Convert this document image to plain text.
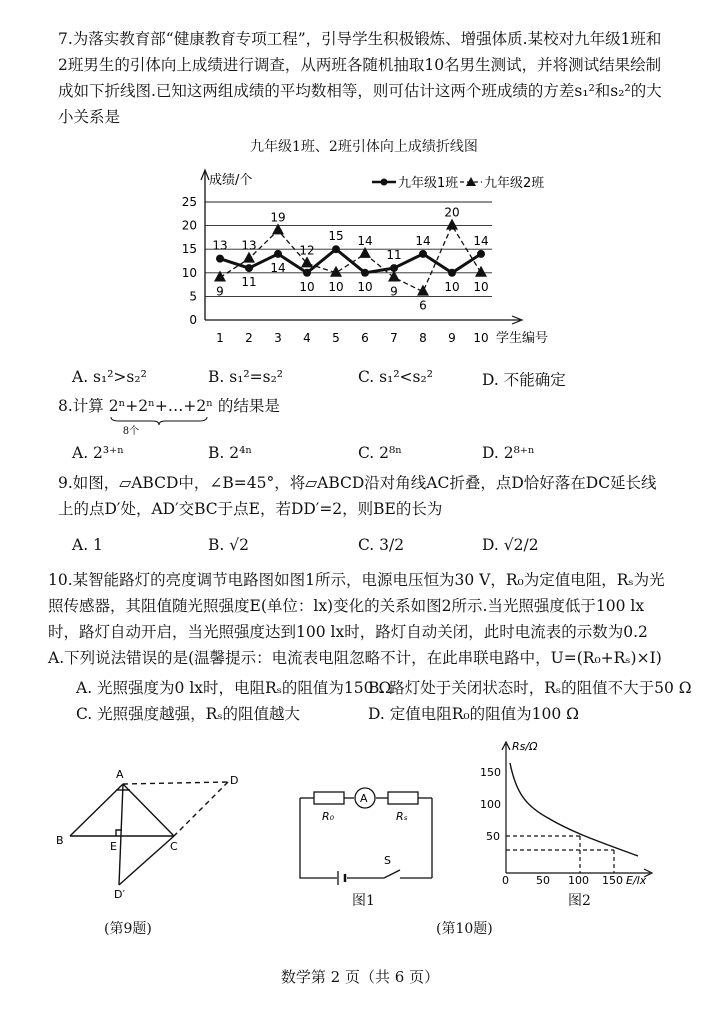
7.为落实教育部“健康教育专项工程”，引导学生积极锻炼、增强体质.某校对九年级1班和2班男生的引体向上成绩进行调查，从两班各随机抽取10名男生测试，并将测试结果绘制成如下折线图.已知这两组成绩的平均数相等，则可估计这两个班成绩的方差s₁²和s₂²的大小关系是

九年级1班、2班引体向上成绩折线图
0
5
10
15
20
25
1 2 3 4 5 6 7 8 9 10
成绩/个
学生编号
九年级1班 九年级2班
9
13
19
12
10
14
9
6
20
10
13
11
14
10
15
10
11
14
10
14
A. s₁²>s₂²	B. s₁²=s₂²	C. s₁²<s₂²	D. 不能确定
8.计算 2ⁿ+2ⁿ+…+2ⁿ
8个
的结果是
A. 2³⁺ⁿ	B. 2⁴ⁿ	C. 2⁸ⁿ	D. 2⁸⁺ⁿ

9.如图，▱ABCD中，∠B=45°，将▱ABCD沿对角线AC折叠，点D恰好落在DC延长线上的点D′处，AD′交BC于点E，若DD′=2，则BE的长为

A. 1	B. √2	C. 3/2	D. √2/2

10.某智能路灯的亮度调节电路图如图1所示，电源电压恒为30 V，R₀为定值电阻，Rₛ为光照传感器，其阻值随光照强度E(单位：lx)变化的关系如图2所示.当光照强度低于100 lx时，路灯自动开启，当光照强度达到100 lx时，路灯自动关闭，此时电流表的示数为0.2 A.下列说法错误的是(温馨提示：电流表电阻忽略不计，在此串联电路中，U=(R₀+Rₛ)×I)

A. 光照强度为0 lx时，电阻Rₛ的阻值为150 Ω
B. 路灯处于关闭状态时，Rₛ的阻值不大于50 Ω
C. 光照强度越强，Rₛ的阻值越大	D. 定值电阻R₀的阻值为100 Ω
A
B	C
D
E
D′
(第9题)
A
R₀	Rₛ
S
图1
Rs/Ω
E/lx
150
100
50
0 50 100 150
图2
(第10题)
数学第 2 页（共 6 页）
